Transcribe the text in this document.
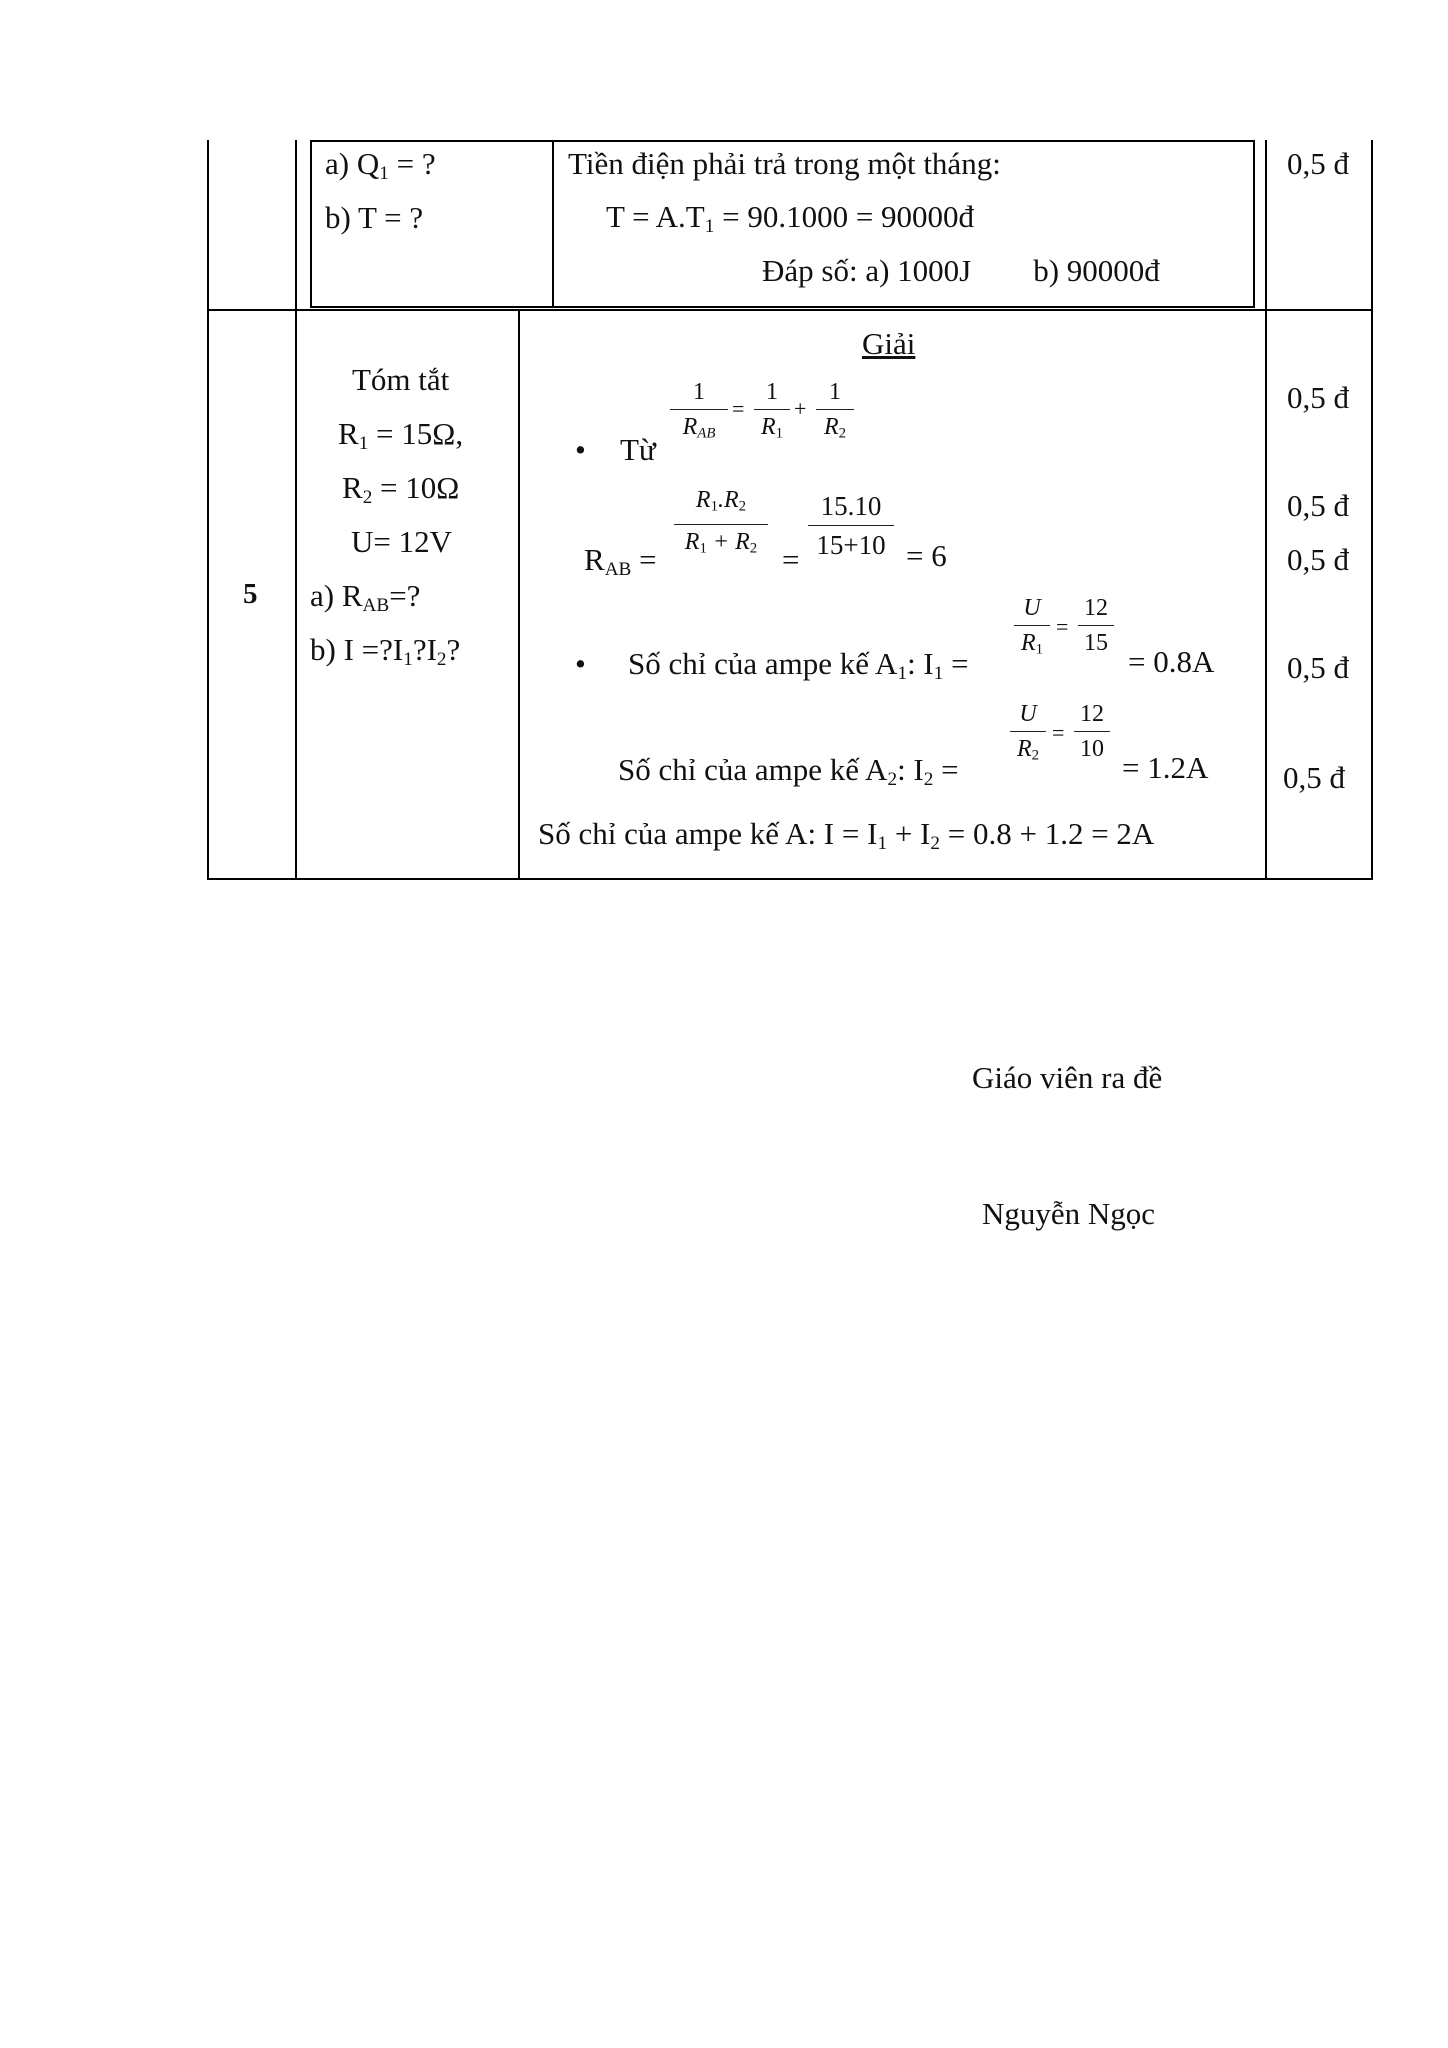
a) $Q_1$ = ?
b) T = ?
Tiền điện phải trả trong một tháng:
$T = A.T_1 = 90.1000$ = 90000đ
Đáp số: a) 1000J b) 90000đ
0,5 đ
5
Tóm tắt
$R_1 = 15\Omega$,
$R_2 = 10\Omega$
U= 12V
a) $R_{AB}=$?
b) $I =?I_1?I_2$?
Giải
• Từ
1
$R_{AB}$
=
1
$R_1$
+
1
$R_2$
$R_{AB}$ =
$R_1.R_2$
$R_1 + R_2$ =
15.10
15+10 = 6
• Số chỉ của ampe kế $A_1$: $I_1$ =
U
$R_1$
=
12
15
= 0.8A
Số chỉ của ampe kế $A_2$: $I_2$ =
U
$R_2$
=
12
10
= 1.2A
Số chỉ của ampe kế A: $I = I_1 + I_2 = 0.8 + 1.2 = 2A$
0,5 đ
0,5 đ
0,5 đ
0,5 đ
0,5 đ
Giáo viên ra đề
Nguyễn Ngọc
